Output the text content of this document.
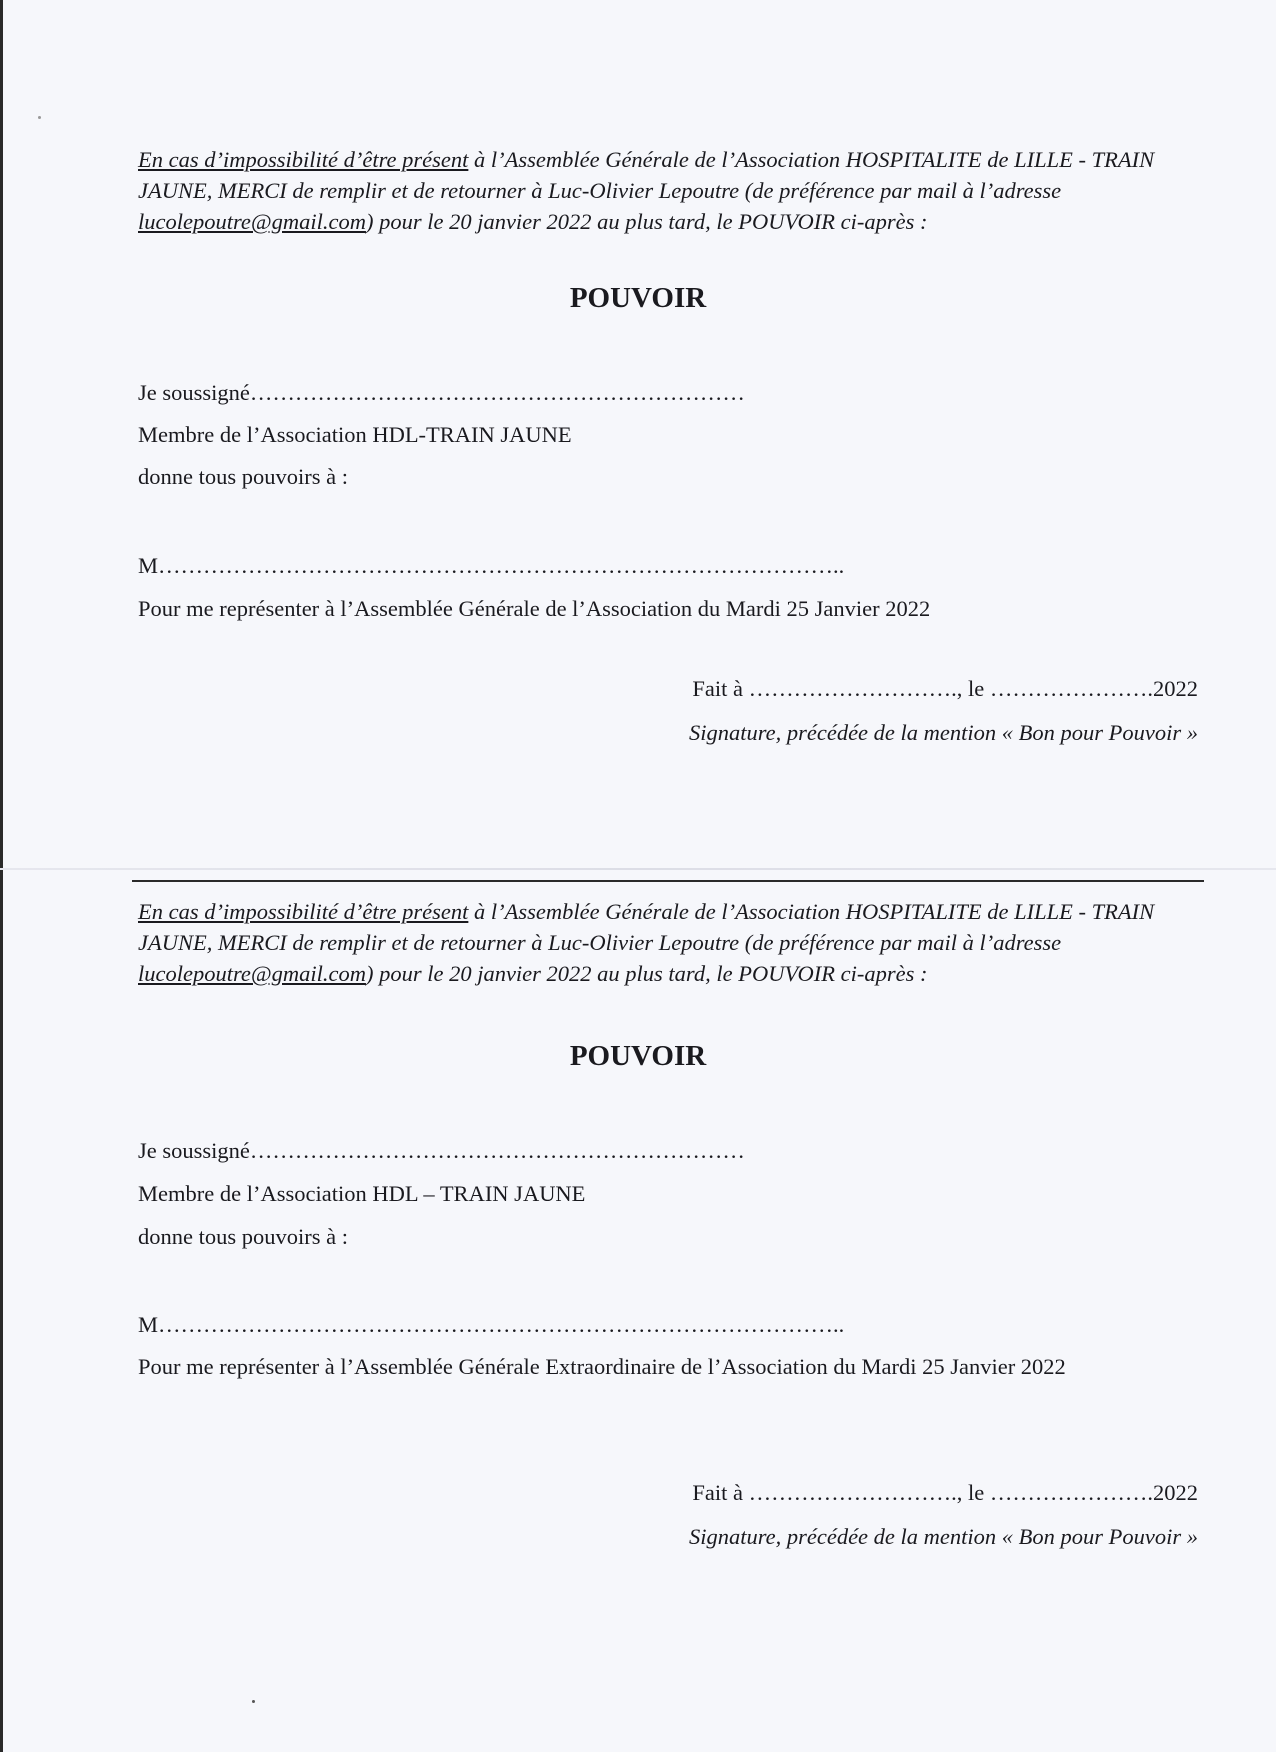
En cas d’impossibilité d’être présent à l’Assemblée Générale de l’Association HOSPITALITE de LILLE - TRAIN JAUNE, MERCI de remplir et de retourner à Luc-Olivier Lepoutre (de préférence par mail à l’adresse lucolepoutre@gmail.com) pour le 20 janvier 2022 au plus tard, le POUVOIR ci-après :

POUVOIR

Je soussigné…………………………………………………………

Membre de l’Association HDL-TRAIN JAUNE

donne tous pouvoirs à :

M………………………………………………………………………………..

Pour me représenter à l’Assemblée Générale de l’Association du Mardi 25 Janvier 2022

Fait à ………………………., le ………………….2022

Signature, précédée de la mention « Bon pour Pouvoir »

En cas d’impossibilité d’être présent à l’Assemblée Générale de l’Association HOSPITALITE de LILLE - TRAIN JAUNE, MERCI de remplir et de retourner à Luc-Olivier Lepoutre (de préférence par mail à l’adresse lucolepoutre@gmail.com) pour le 20 janvier 2022 au plus tard, le POUVOIR ci-après :

POUVOIR

Je soussigné…………………………………………………………

Membre de l’Association HDL – TRAIN JAUNE

donne tous pouvoirs à :

M………………………………………………………………………………..

Pour me représenter à l’Assemblée Générale Extraordinaire de l’Association du Mardi 25 Janvier 2022

Fait à ………………………., le ………………….2022

Signature, précédée de la mention « Bon pour Pouvoir »
